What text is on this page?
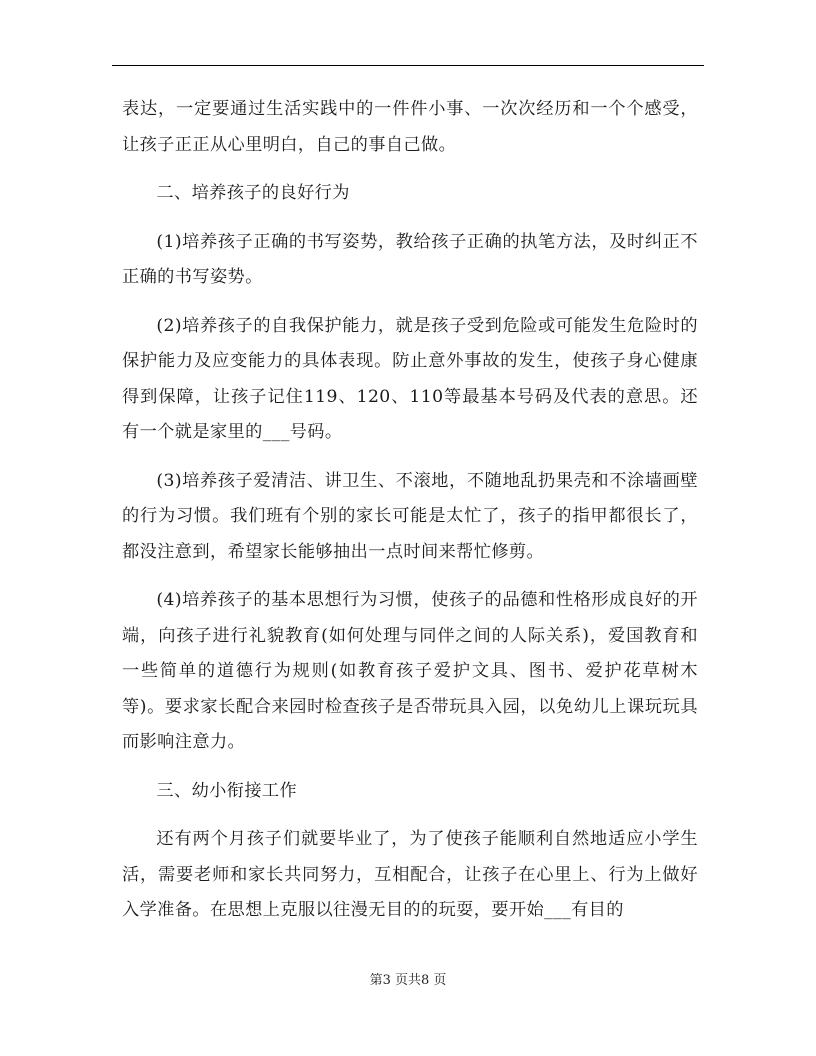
表达，一定要通过生活实践中的一件件小事、一次次经历和一个个感受，让孩子正正从心里明白，自己的事自己做。

二、培养孩子的良好行为

(1)培养孩子正确的书写姿势，教给孩子正确的执笔方法，及时纠正不正确的书写姿势。

(2)培养孩子的自我保护能力，就是孩子受到危险或可能发生危险时的保护能力及应变能力的具体表现。防止意外事故的发生，使孩子身心健康得到保障，让孩子记住119、120、110等最基本号码及代表的意思。还有一个就是家里的___号码。

(3)培养孩子爱清洁、讲卫生、不滚地，不随地乱扔果壳和不涂墙画壁的行为习惯。我们班有个别的家长可能是太忙了，孩子的指甲都很长了，都没注意到，希望家长能够抽出一点时间来帮忙修剪。

(4)培养孩子的基本思想行为习惯，使孩子的品德和性格形成良好的开端，向孩子进行礼貌教育(如何处理与同伴之间的人际关系)，爱国教育和一些简单的道德行为规则(如教育孩子爱护文具、图书、爱护花草树木等)。要求家长配合来园时检查孩子是否带玩具入园，以免幼儿上课玩玩具而影响注意力。

三、幼小衔接工作

还有两个月孩子们就要毕业了，为了使孩子能顺利自然地适应小学生活，需要老师和家长共同努力，互相配合，让孩子在心里上、行为上做好入学准备。在思想上克服以往漫无目的的玩耍，要开始___有目的

第3 页共8 页
